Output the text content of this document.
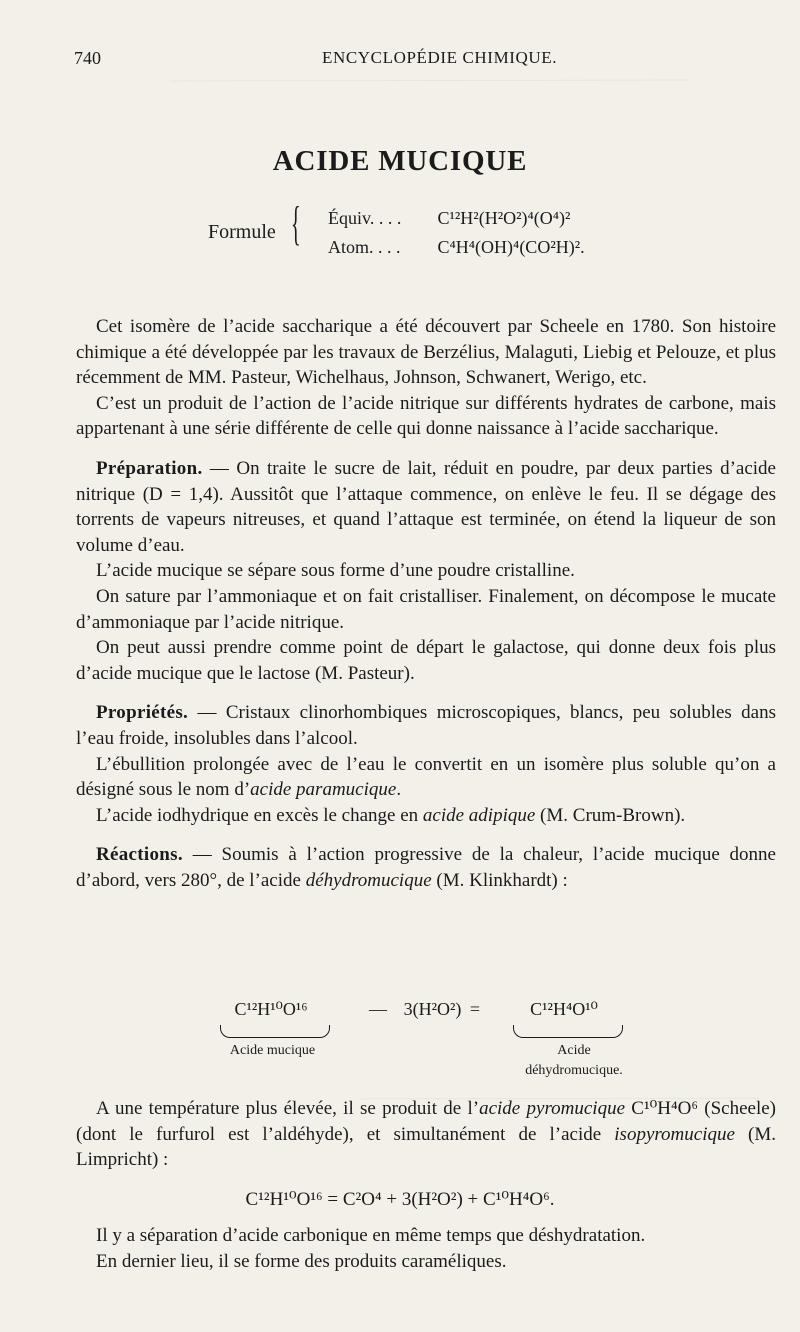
740	ENCYCLOPÉDIE CHIMIQUE.
ACIDE MUCIQUE
Formule { Équiv. . . . C¹²H²(H²O²)⁴(O⁴)²
Atom. . . . C⁴H⁴(OH)⁴(CO²H)².

Cet isomère de l’acide saccharique a été découvert par Scheele en 1780. Son histoire chimique a été développée par les travaux de Berzélius, Malaguti, Liebig et Pelouze, et plus récemment de MM. Pasteur, Wichelhaus, Johnson, Schwanert, Werigo, etc.

C’est un produit de l’action de l’acide nitrique sur différents hydrates de carbone, mais appartenant à une série différente de celle qui donne naissance à l’acide saccharique.

Préparation. — On traite le sucre de lait, réduit en poudre, par deux parties d’acide nitrique (D = 1,4). Aussitôt que l’attaque commence, on enlève le feu. Il se dégage des torrents de vapeurs nitreuses, et quand l’attaque est terminée, on étend la liqueur de son volume d’eau.

L’acide mucique se sépare sous forme d’une poudre cristalline.

On sature par l’ammoniaque et on fait cristalliser. Finalement, on décompose le mucate d’ammoniaque par l’acide nitrique.

On peut aussi prendre comme point de départ le galactose, qui donne deux fois plus d’acide mucique que le lactose (M. Pasteur).

Propriétés. — Cristaux clinorhombiques microscopiques, blancs, peu solubles dans l’eau froide, insolubles dans l’alcool.

L’ébullition prolongée avec de l’eau le convertit en un isomère plus soluble qu’on a désigné sous le nom d’acide paramucique.

L’acide iodhydrique en excès le change en acide adipique (M. Crum-Brown).

Réactions. — Soumis à l’action progressive de la chaleur, l’acide mucique donne d’abord, vers 280°, de l’acide déhydromucique (M. Klinkhardt) :

C¹²H¹⁰O¹⁶	— 3(H²O²) =	C¹²H⁴O¹⁰
Acide mucique	Acide
déhydromucique.

A une température plus élevée, il se produit de l’acide pyromucique C¹⁰H⁴O⁶ (Scheele) (dont le furfurol est l’aldéhyde), et simultanément de l’acide isopyromucique (M. Limpricht) :

C¹²H¹⁰O¹⁶ = C²O⁴ + 3(H²O²) + C¹⁰H⁴O⁶.

Il y a séparation d’acide carbonique en même temps que déshydratation.

En dernier lieu, il se forme des produits caraméliques.
